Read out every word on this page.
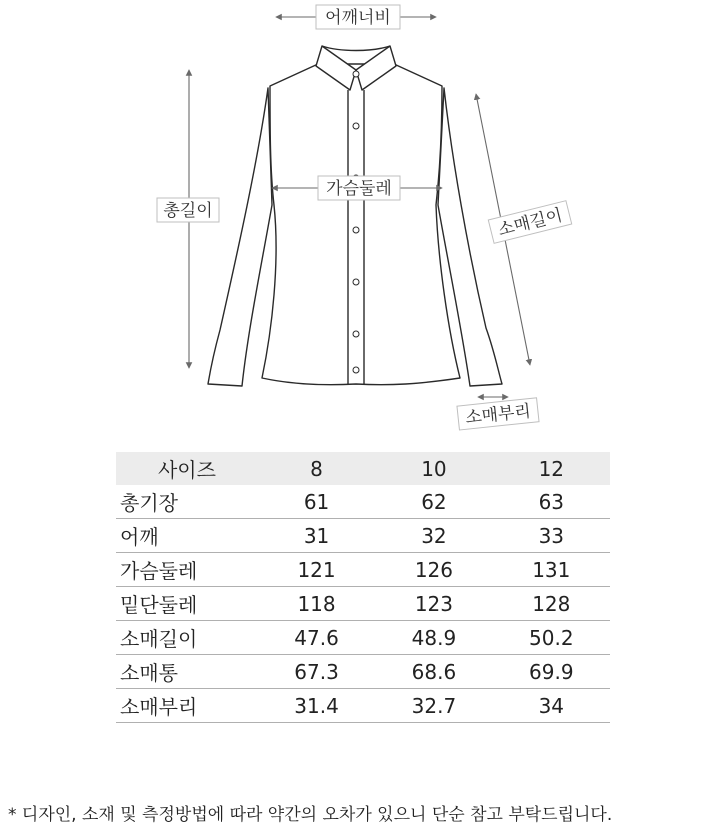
어깨너비
가슴둘레
총길이	소매길이
소매부리
사이즈	8	10	12
총기장	61	62	63
어깨	31	32	33
가슴둘레	121	126	131
밑단둘레	118	123	128
소매길이	47.6	48.9	50.2
소매통	67.3	68.6	69.9
소매부리	31.4	32.7	34
* 디자인, 소재 및 측정방법에 따라 약간의 오차가 있으니 단순 참고 부탁드립니다.
